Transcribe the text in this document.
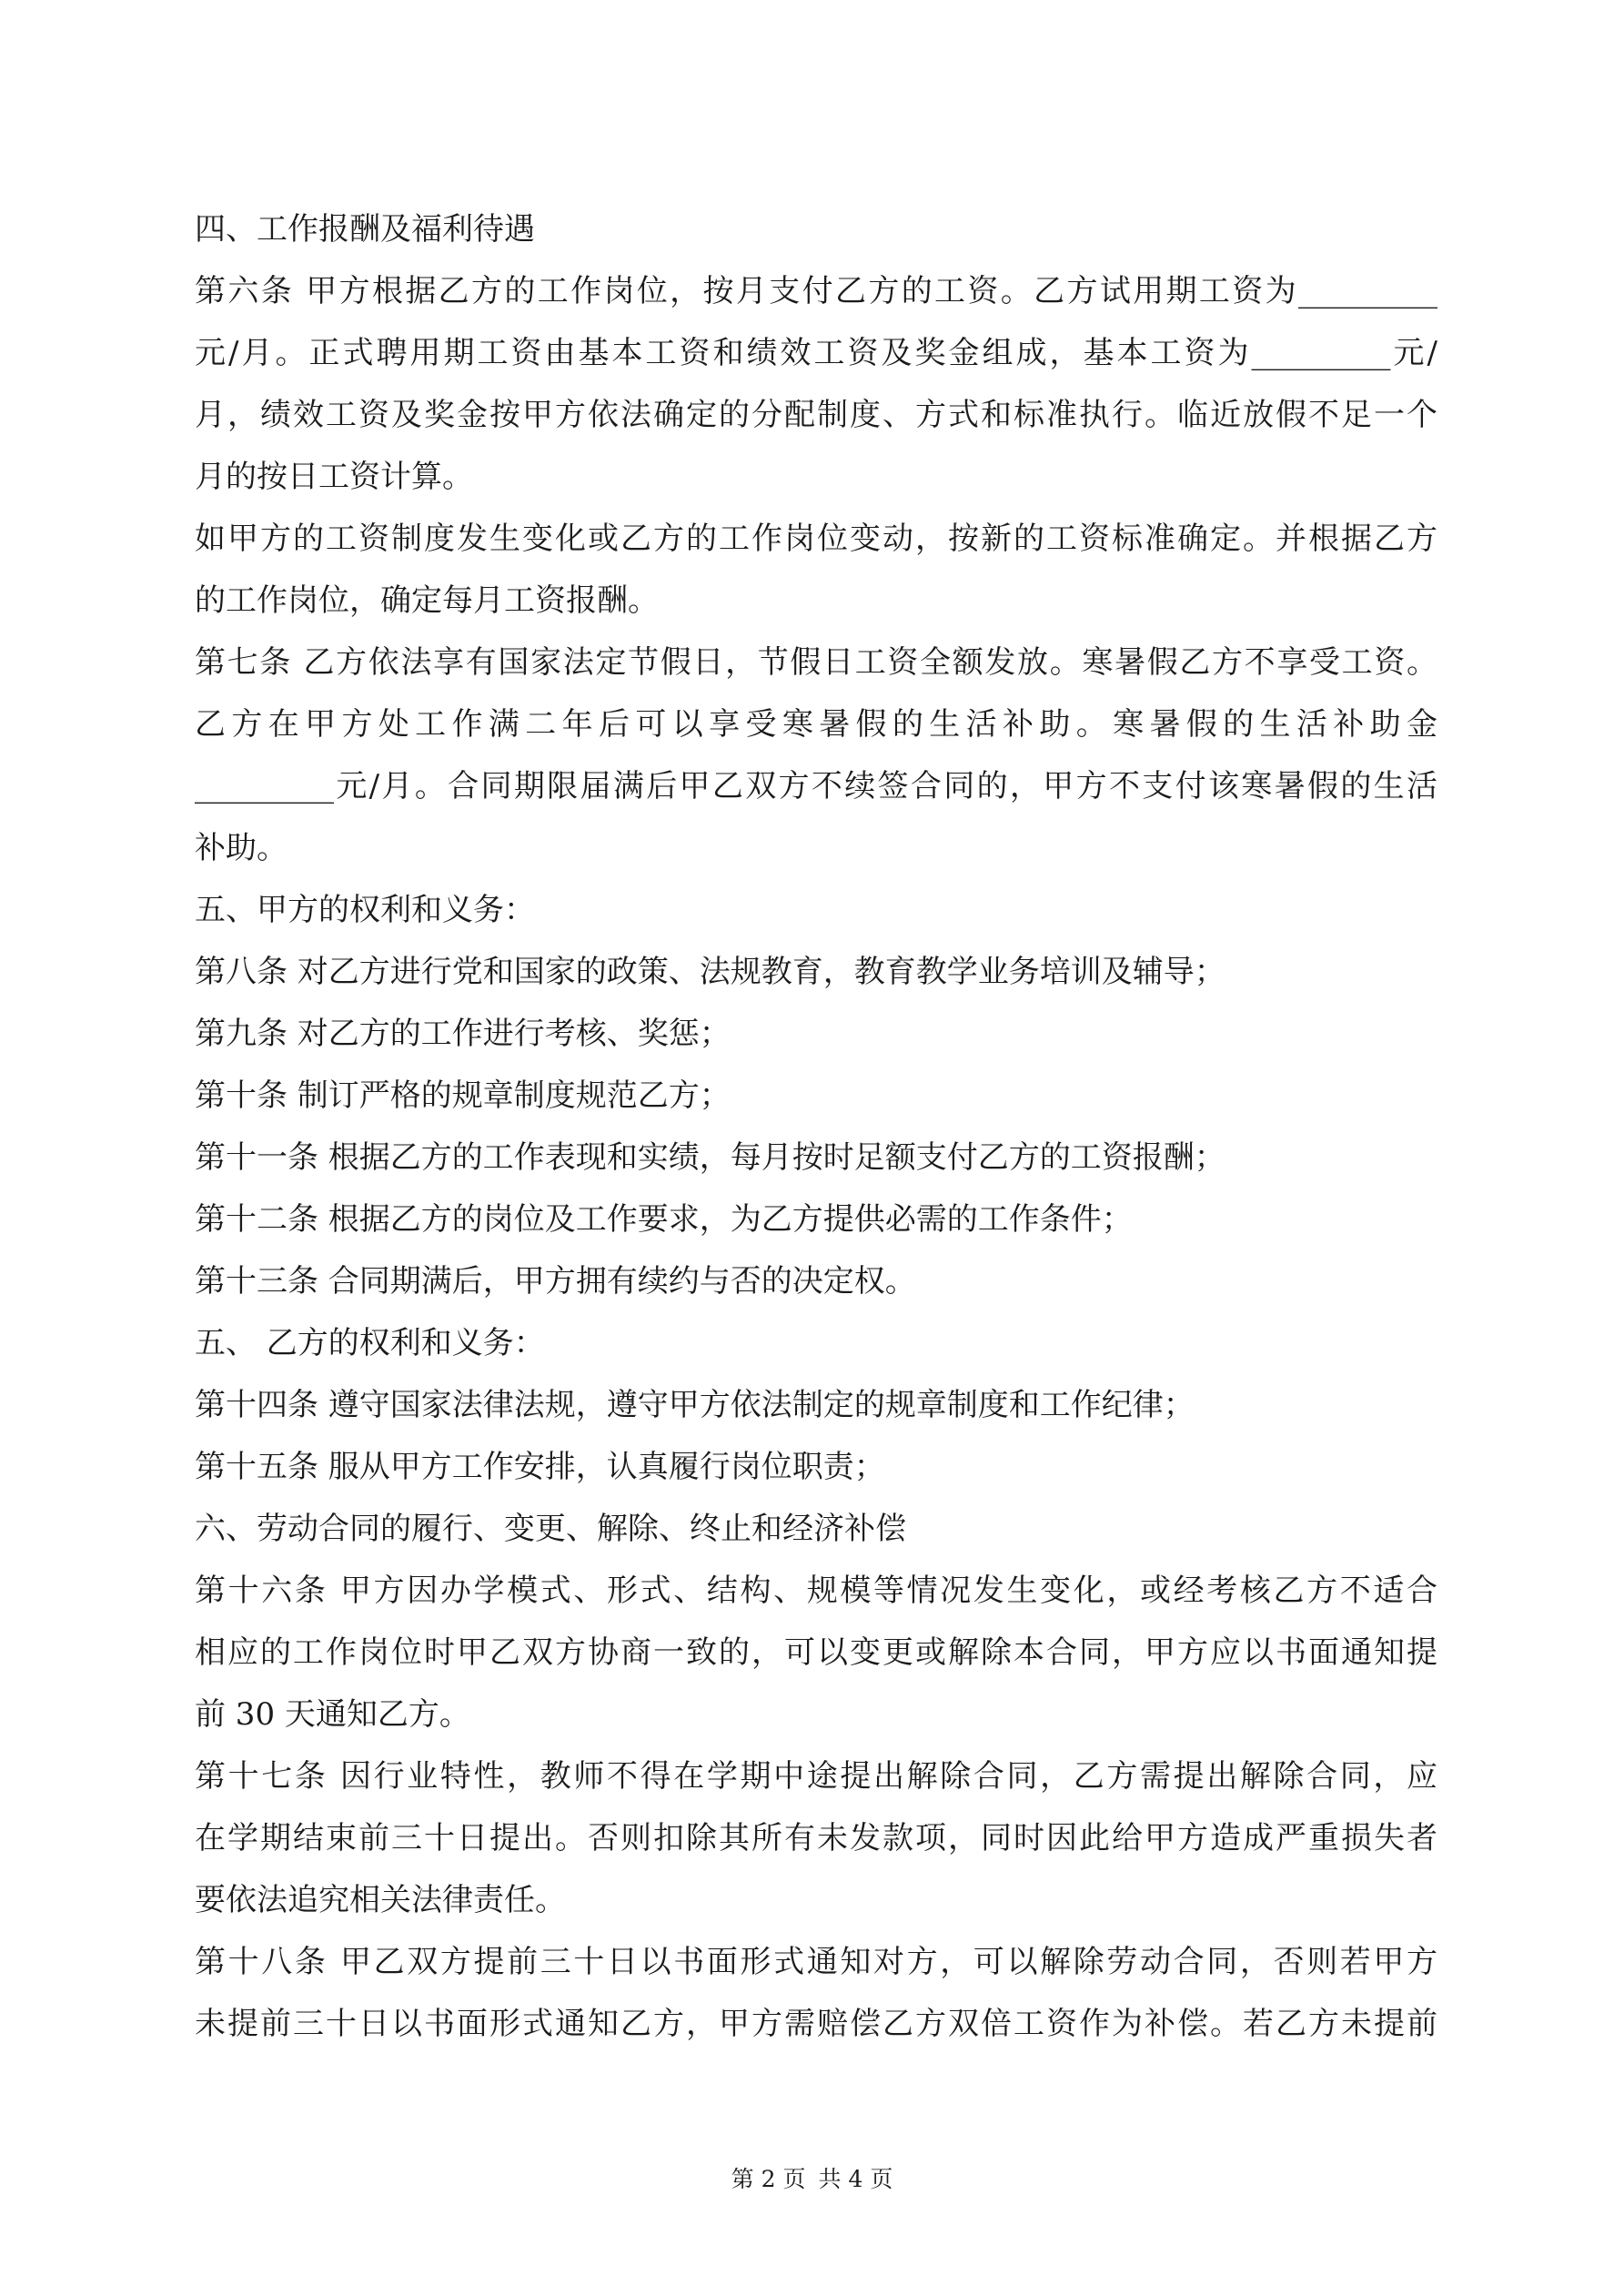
四、工作报酬及福利待遇
第六条 甲方根据乙方的工作岗位，按月支付乙方的工资。乙方试用期工资为_________
元/月。正式聘用期工资由基本工资和绩效工资及奖金组成，基本工资为_________元/
月，绩效工资及奖金按甲方依法确定的分配制度、方式和标准执行。临近放假不足一个
月的按日工资计算。
如甲方的工资制度发生变化或乙方的工作岗位变动，按新的工资标准确定。并根据乙方
的工作岗位，确定每月工资报酬。
第七条 乙方依法享有国家法定节假日，节假日工资全额发放。寒暑假乙方不享受工资。
乙方在甲方处工作满二年后可以享受寒暑假的生活补助。寒暑假的生活补助金
_________元/月。合同期限届满后甲乙双方不续签合同的，甲方不支付该寒暑假的生活
补助。
五、甲方的权利和义务：
第八条 对乙方进行党和国家的政策、法规教育，教育教学业务培训及辅导；
第九条 对乙方的工作进行考核、奖惩；
第十条 制订严格的规章制度规范乙方；
第十一条 根据乙方的工作表现和实绩，每月按时足额支付乙方的工资报酬；
第十二条 根据乙方的岗位及工作要求，为乙方提供必需的工作条件；
第十三条 合同期满后，甲方拥有续约与否的决定权。
五、 乙方的权利和义务：
第十四条 遵守国家法律法规，遵守甲方依法制定的规章制度和工作纪律；
第十五条 服从甲方工作安排，认真履行岗位职责；
六、劳动合同的履行、变更、解除、终止和经济补偿
第十六条 甲方因办学模式、形式、结构、规模等情况发生变化，或经考核乙方不适合
相应的工作岗位时甲乙双方协商一致的，可以变更或解除本合同，甲方应以书面通知提
前 30 天通知乙方。
第十七条 因行业特性，教师不得在学期中途提出解除合同，乙方需提出解除合同，应
在学期结束前三十日提出。否则扣除其所有未发款项，同时因此给甲方造成严重损失者
要依法追究相关法律责任。
第十八条 甲乙双方提前三十日以书面形式通知对方，可以解除劳动合同，否则若甲方
未提前三十日以书面形式通知乙方，甲方需赔偿乙方双倍工资作为补偿。若乙方未提前
第 2 页 共 4 页
